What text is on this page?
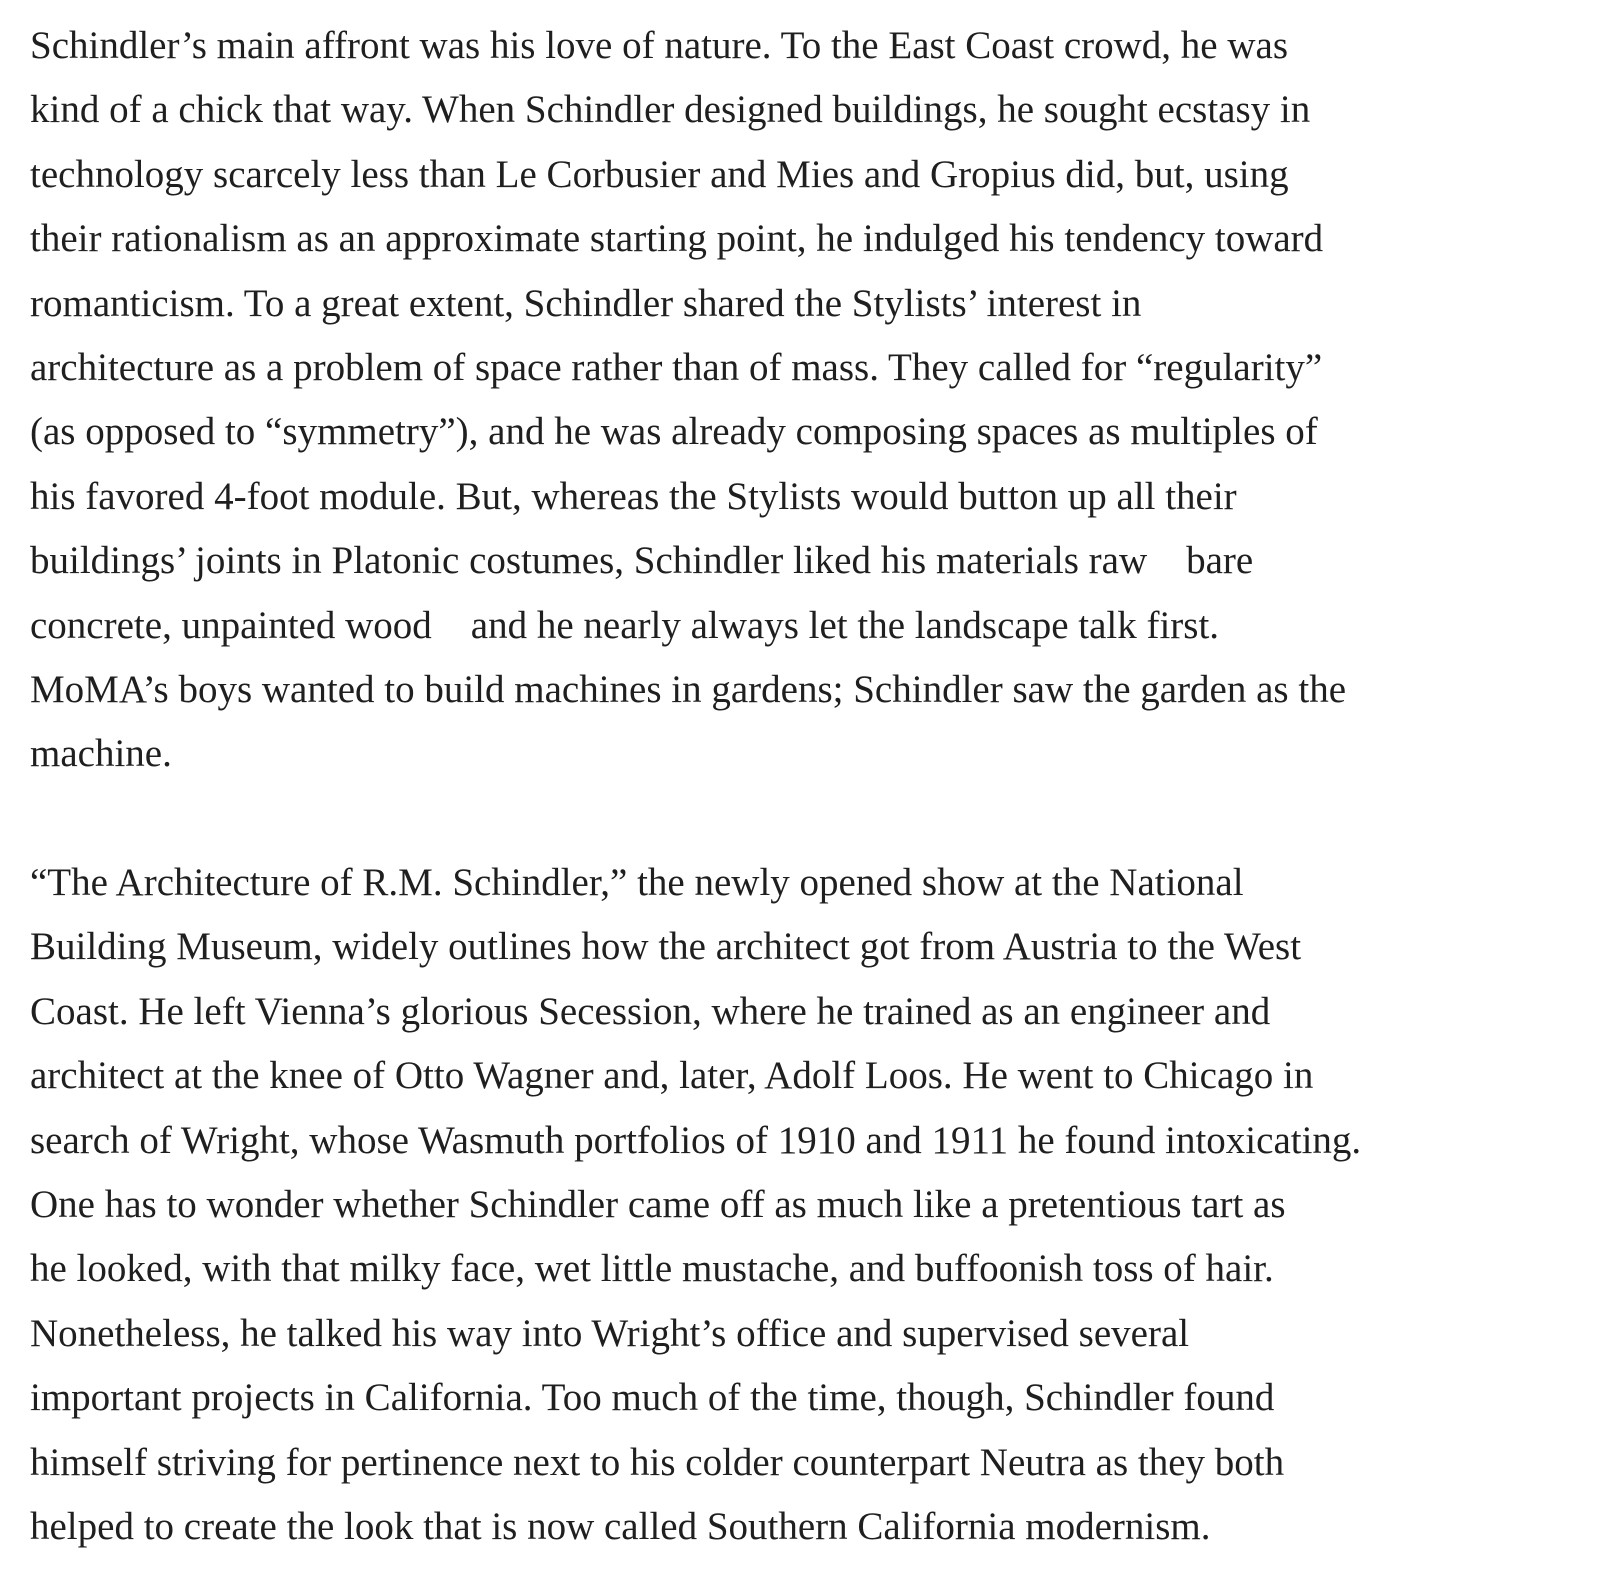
Schindler’s main affront was his love of nature. To the East Coast crowd, he was
kind of a chick that way. When Schindler designed buildings, he sought ecstasy in
technology scarcely less than Le Corbusier and Mies and Gropius did, but, using
their rationalism as an approximate starting point, he indulged his tendency toward
romanticism. To a great extent, Schindler shared the Stylists’ interest in
architecture as a problem of space rather than of mass. They called for “regularity”
(as opposed to “symmetry”), and he was already composing spaces as multiples of
his favored 4-foot module. But, whereas the Stylists would button up all their
buildings’ joints in Platonic costumes, Schindler liked his materials raw    bare
concrete, unpainted wood    and he nearly always let the landscape talk first.
MoMA’s boys wanted to build machines in gardens; Schindler saw the garden as the
machine.

“The Architecture of R.M. Schindler,” the newly opened show at the National
Building Museum, widely outlines how the architect got from Austria to the West
Coast. He left Vienna’s glorious Secession, where he trained as an engineer and
architect at the knee of Otto Wagner and, later, Adolf Loos. He went to Chicago in
search of Wright, whose Wasmuth portfolios of 1910 and 1911 he found intoxicating.
One has to wonder whether Schindler came off as much like a pretentious tart as
he looked, with that milky face, wet little mustache, and buffoonish toss of hair.
Nonetheless, he talked his way into Wright’s office and supervised several
important projects in California. Too much of the time, though, Schindler found
himself striving for pertinence next to his colder counterpart Neutra as they both
helped to create the look that is now called Southern California modernism.
